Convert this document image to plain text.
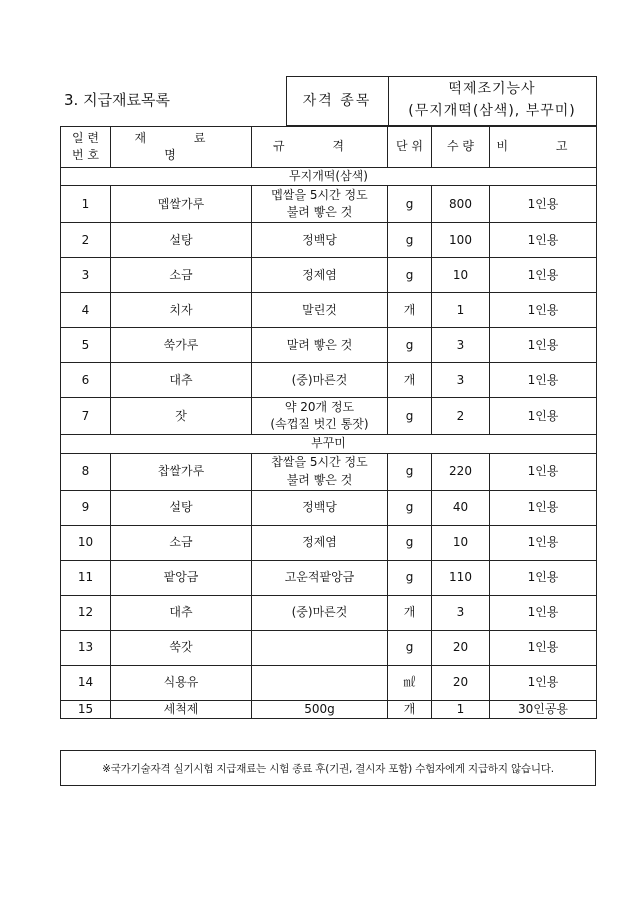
3. 지급재료목록	자격 종목	
떡제조기능사
(무지개떡(삼색), 부꾸미)
일 련
번 호	재 료 명	규 격	단 위	수 량	비 고
무지개떡(삼색)					
1	멥쌀가루	멥쌀을 5시간 정도
불려 빻은 것	g	800	1인용
2	설탕	정백당	g	100	1인용
3	소금	정제염	g	10	1인용
4	치자	말린것	개	1	1인용
5	쑥가루	말려 빻은 것	g	3	1인용
6	대추	(중)마른것	개	3	1인용
7	잣	약 20개 정도
(속껍질 벗긴 통잣)	g	2	1인용
부꾸미					
8	찹쌀가루	찹쌀을 5시간 정도
불려 빻은 것	g	220	1인용
9	설탕	정백당	g	40	1인용
10	소금	정제염	g	10	1인용
11	팥앙금	고운적팥앙금	g	110	1인용
12	대추	(중)마른것	개	3	1인용
13	쑥갓		g	20	1인용
14	식용유		㎖	20	1인용
15	세척제	500g	개	1	30인공용
※국가기술자격 실기시험 지급재료는 시험 종료 후(기권, 결시자 포함) 수험자에게 지급하지 않습니다.
